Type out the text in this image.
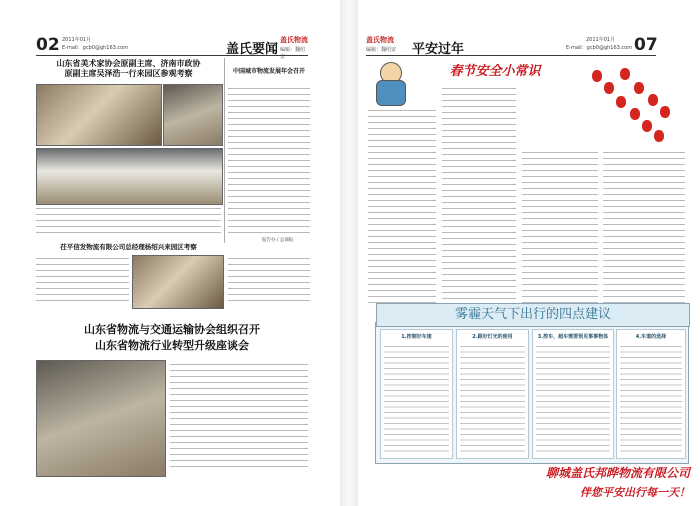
02 2011年01月
E-mail：gcb0@gh163.com	盖氏要闻
盖氏物流
编辑：魏绍安
山东省美术家协会原副主席、济南市政协
原副主席吴泽浩一行来园区参观考察	中国城市物流发展年会召开
报告办 / 总部报
茌平信发物流有限公司总经理杨绍兴来园区考察
山东省物流与交通运输协会组织召开
山东省物流行业转型升级座谈会
盖氏物流
编辑：魏绍安 平安过年
2011年01月
E-mail：gcb0@gh163.com 07
春节安全小常识
雾霾天气下出行的四点建议
1.控制好车速	2.跟好灯光的使用	3.控车、超车需要预见事事物体	4.车道的选择
聊城盖氏邦晔物流有限公司
伴您平安出行每一天！
